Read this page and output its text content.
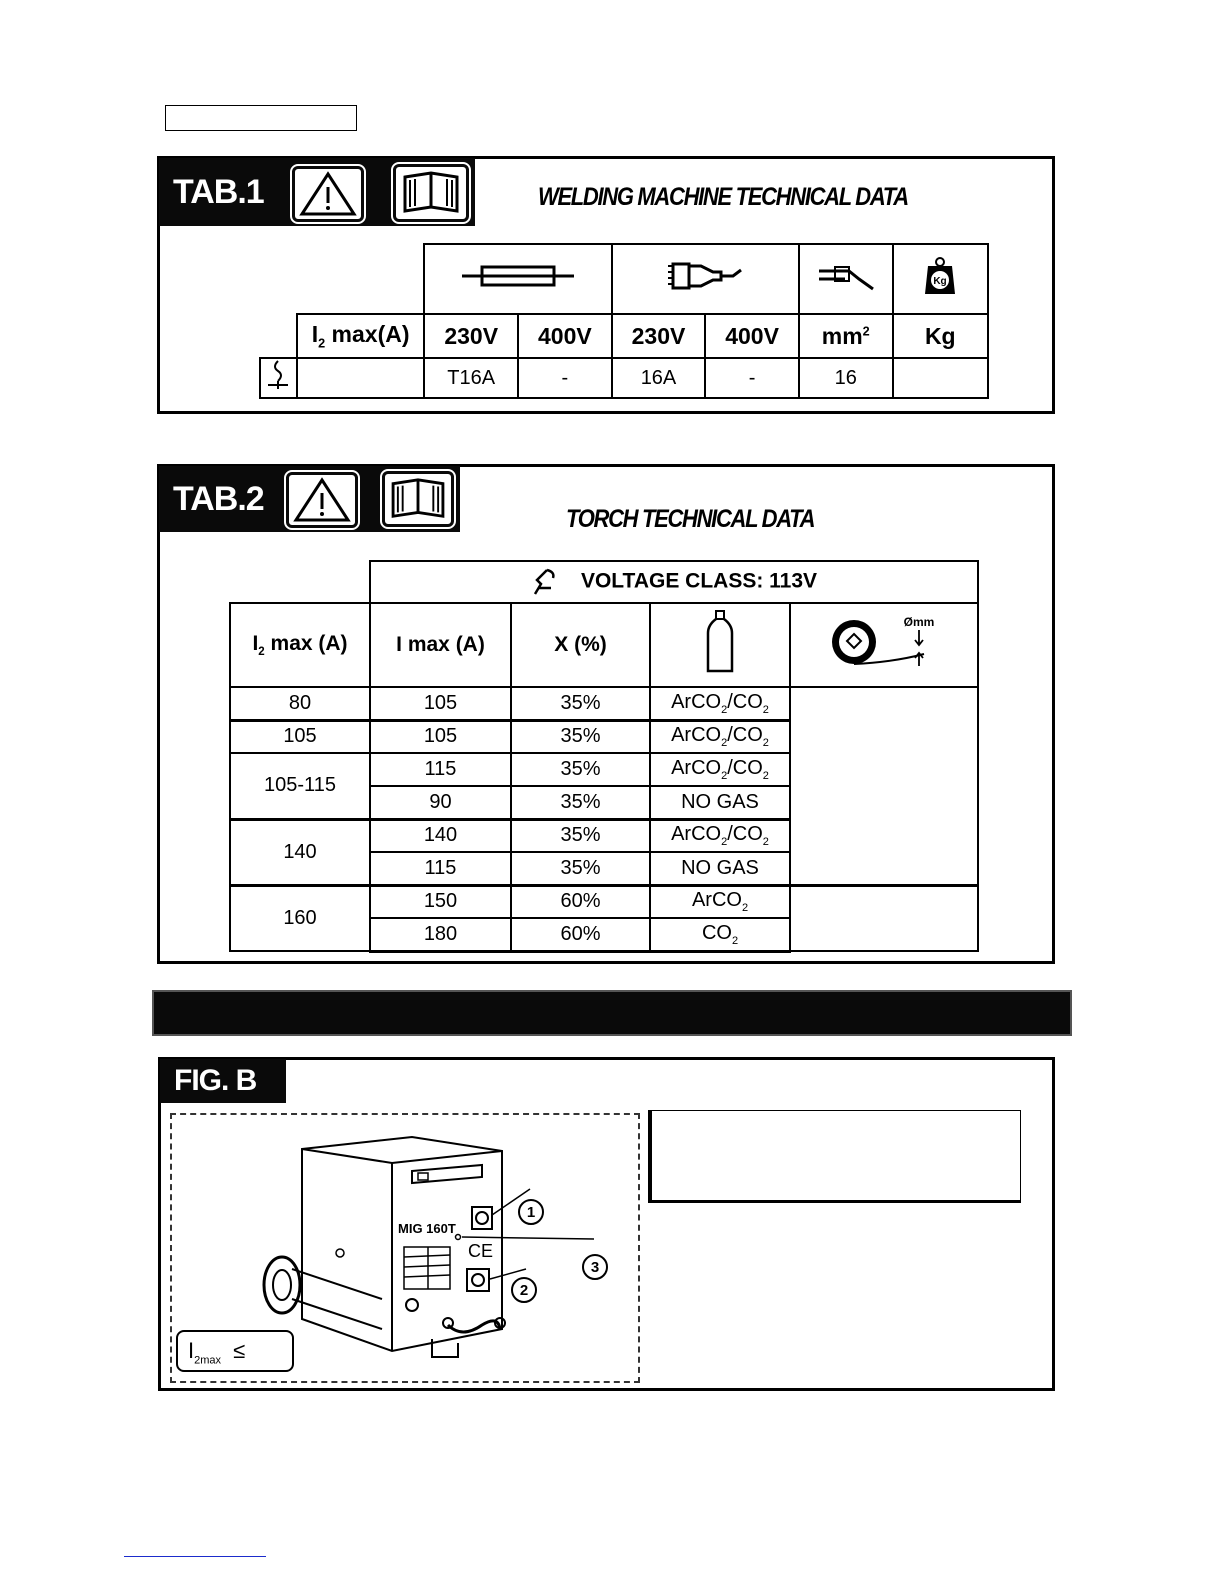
TAB.1	WELDING MACHINE TECHNICAL DATA

Kg

	$I_2$ max(A)	230V	400V	230V	400V	$mm^2$	Kg
		T16A	-	16A	-	16	
TAB.2
TORCH TECHNICAL DATA
	VOLTAGE CLASS: 113V			
$I_2$ max (A)	I max (A)	X (%)		Ømm

80	105	35%	$ArCO_2/CO_2$	
105	105	35%	$ArCO_2/CO_2$
105-115	115	35%	$ArCO_2/CO_2$
	90	35%	NO GAS	
140	140	35%	$ArCO_2/CO_2$
	115	35%	NO GAS	
160	150	60%	ArCO$_2$	
	180	60%	$CO_2$
FIG. B
MIG 160T
CE
1
3
2
$I_{2max}$ ≤
